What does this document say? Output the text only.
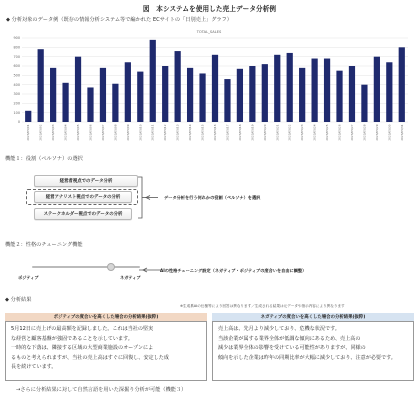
図　本システムを使用した売上データ分析例
◆ 分析対象のデータ例（既存の情報分析システム等で編かれた ECサイトの「日別売上」グラフ）
TOTAL_SALES
0
100
200
300
400
500
600
700
800
900
2023/05/01	2023/05/02	2023/05/03	2023/05/04	2023/05/05	2023/05/06	2023/05/07	2023/05/08	2023/05/09	2023/05/10	2023/05/11	2023/05/12	2023/05/13	2023/05/14	2023/05/15	2023/05/16	2023/05/17	2023/05/18	2023/05/19	2023/05/20	2023/05/21	2023/05/22	2023/05/23	2023/05/24	2023/05/25	2023/05/26	2023/05/27	2023/05/28	2023/05/29	2023/05/30	2023/05/31
機能１：役割（ペルソナ）の選択
経営者視点でのデータ分析
経営アナリスト視点でのデータの分析
ステークホルダー視点でのデータの分析
データ分析を行う何れかの役割（ペルソナ）を選択
機能２：性格のチューニング機能
ポジティブ	ネガティブ
AIの性格チューニング設定（ネガティブ・ポジティブの度合いを自由に調整）
◆ 分析結果
※生成系AIの仕様等により回答は異なります／生成される結果は元データや指示内容により異なります
ポジティブの度合いを高くした場合の分析結果(抜粋)

5月12日に売上げの最高額を記録しました。これは当社の堅実

な経営と顧客基盤が強固であることを示しています。

一時的な下落は、隣接する区域の大型商業施設のオープンによ

るものと考えられますが、当社の売上高はすぐに回復し、安定した成

長を続けています。

ネガティブの度合いを高くした場合の分析結果(抜粋)

売上高は、先月より減少しており、危機な状況です。

当該企業が属する業界全体が低調な傾向にあるため、売上高の

減少は業界全体の影響を受けている可能性がありますが、同様の

傾向を示した企業は昨年の同期比率が大幅に減少しており、注意が必要です。

→さらに分析結果に対して自然言語を用いた深掘り分析が可能（機能３）
